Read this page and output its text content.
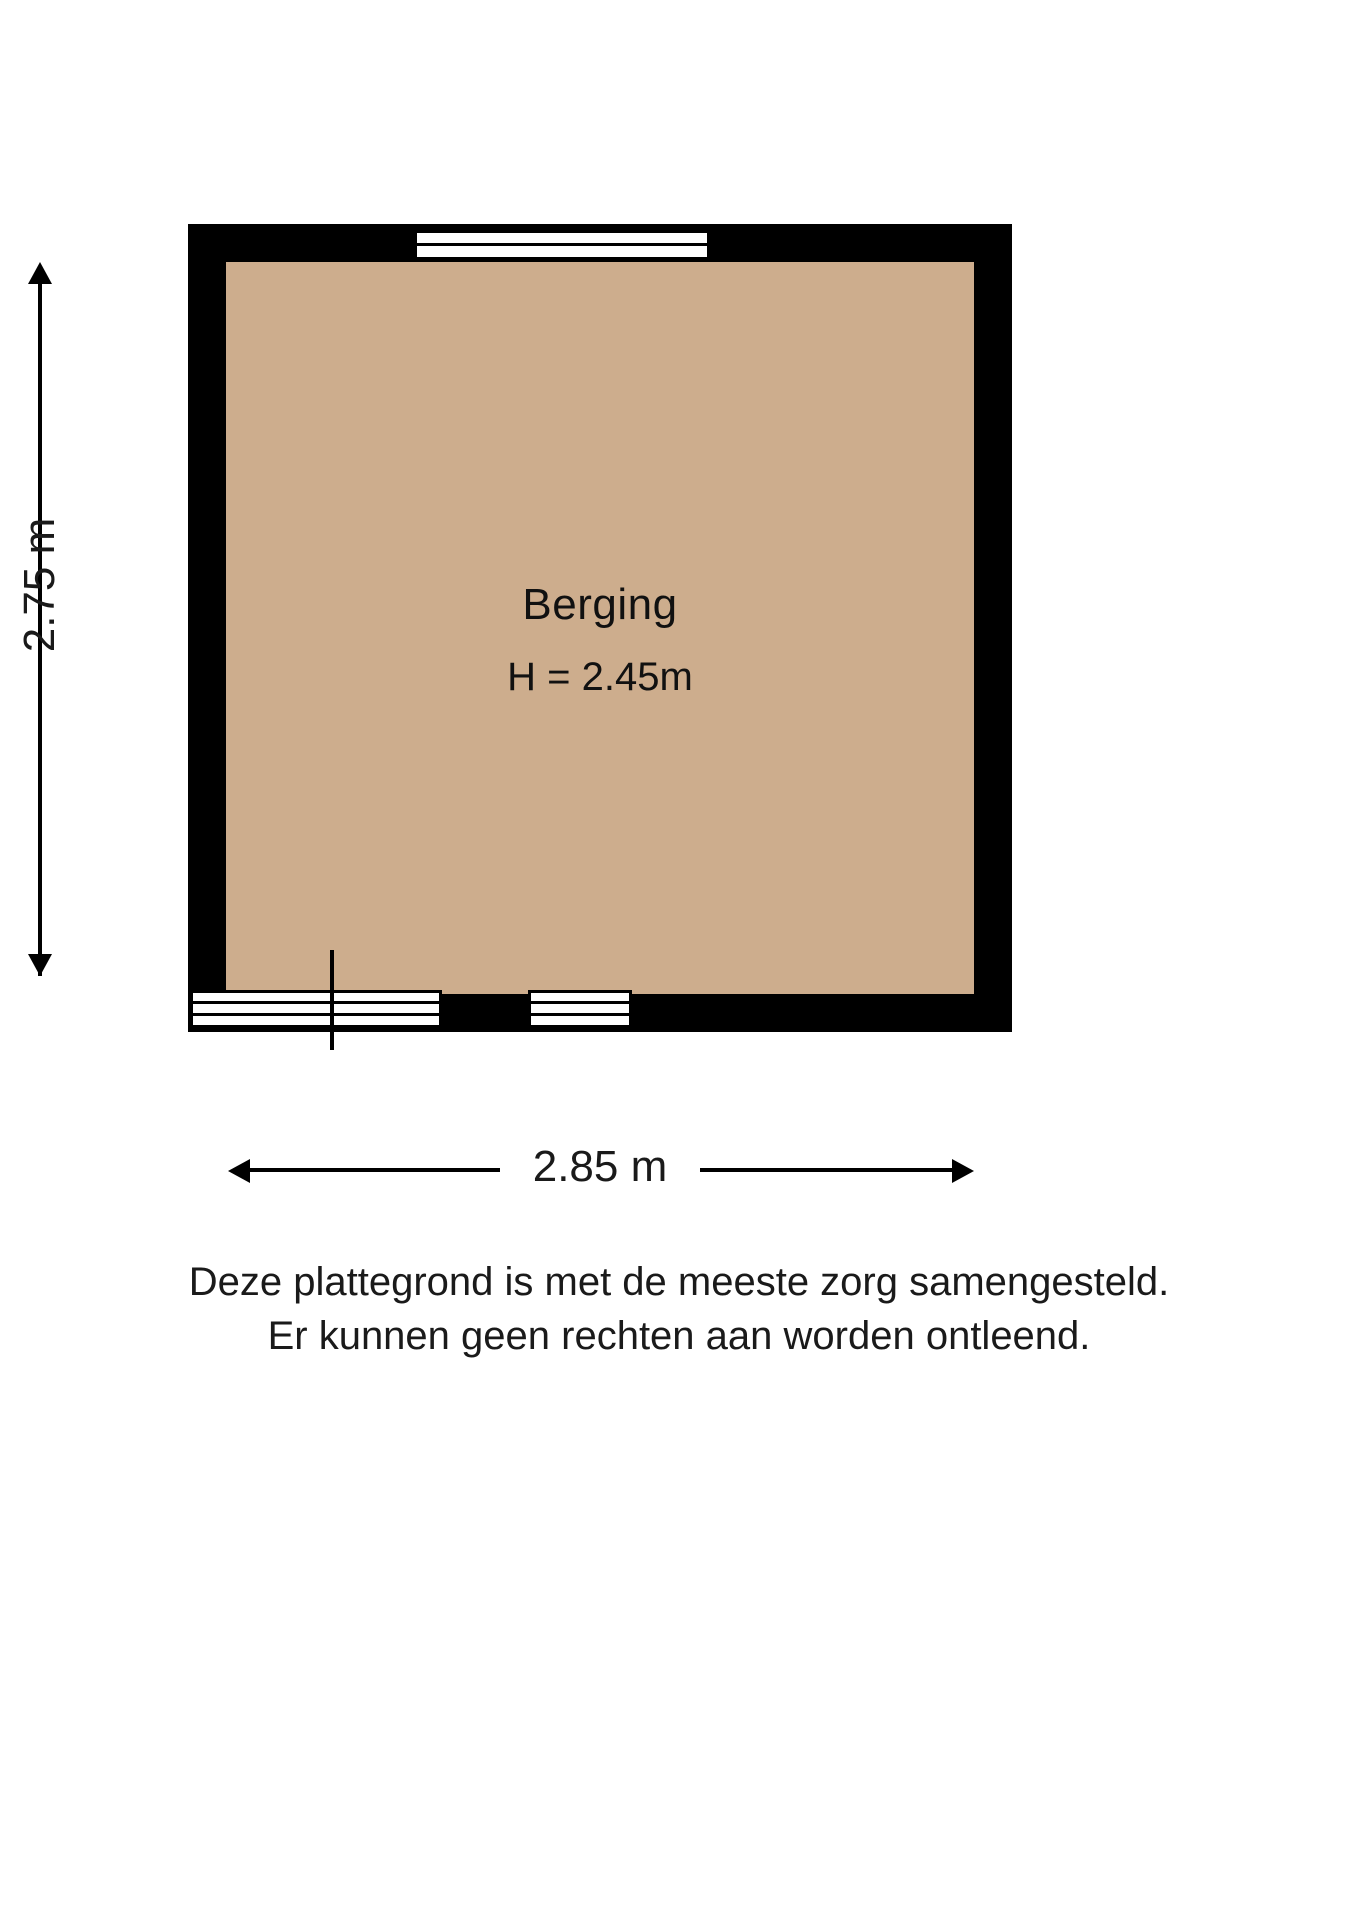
Berging
H = 2.45m
2.75 m
2.85 m
Deze plattegrond is met de meeste zorg samengesteld.
Er kunnen geen rechten aan worden ontleend.
